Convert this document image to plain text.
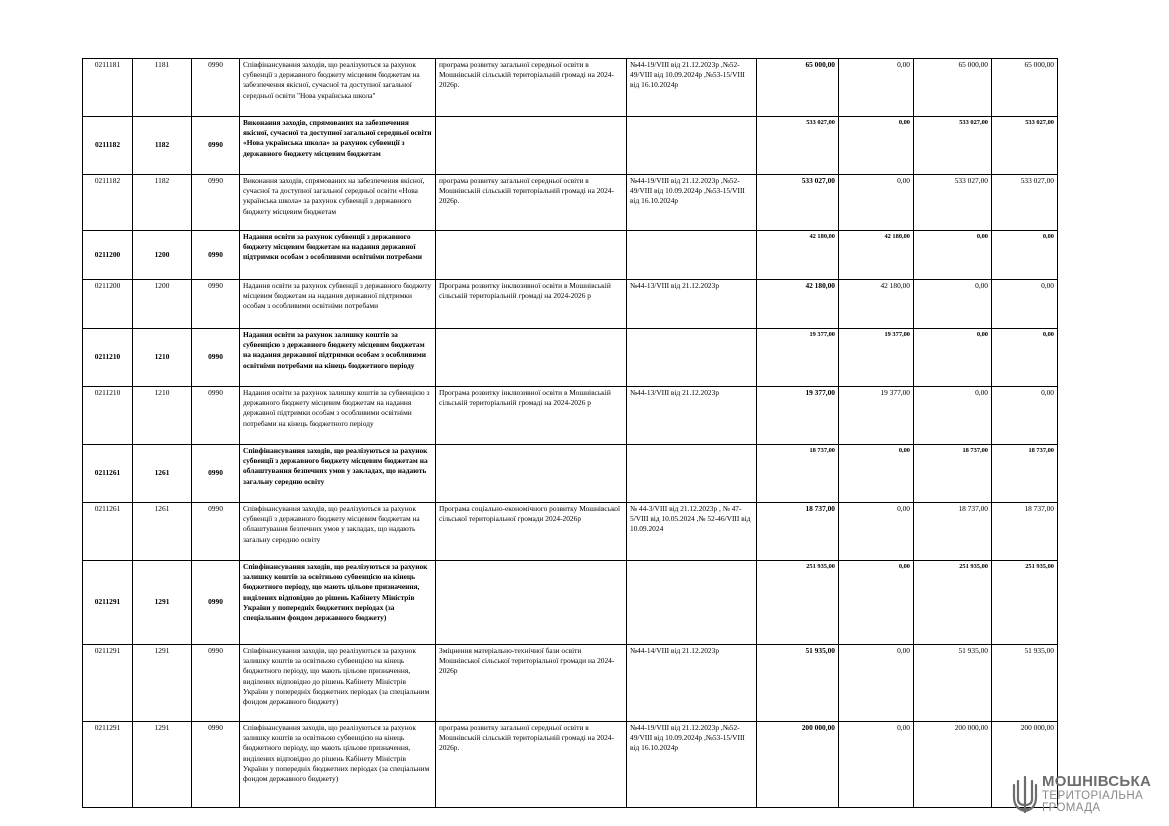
0211181	1181	0990	Співфінансування заходів, що реалізуються за рахунок субвенції з державного бюджету місцевим бюджетам на забезпечення якісної, сучасної та доступної загальної середньої освіти "Нова українська школа"	програма розвитку загальної середньої освіти в Мошнівській сільській територіальній громаді на 2024-2026р.	№44-19/VIII від 21.12.2023р ,№52-49/VIII від 10.09.2024р ,№53-15/VIII від 16.10.2024р	65 000,00	0,00	65 000,00	65 000,00
0211182	1182	0990	Виконання заходів, спрямованих на забезпечення якісної, сучасної та доступної загальної середньої освіти «Нова українська школа» за рахунок субвенції з державного бюджету місцевим бюджетам			533 027,00	0,00	533 027,00	533 027,00
0211182	1182	0990	Виконання заходів, спрямованих на забезпечення якісної, сучасної та доступної загальної середньої освіти «Нова українська школа» за рахунок субвенції з державного бюджету місцевим бюджетам	програма розвитку загальної середньої освіти в Мошнівській сільській територіальній громаді на 2024-2026р.	№44-19/VIII від 21.12.2023р ,№52-49/VIII від 10.09.2024р ,№53-15/VIII від 16.10.2024р	533 027,00	0,00	533 027,00	533 027,00
0211200	1200	0990	Надання освіти за рахунок субвенції з державного бюджету місцевим бюджетам на надання державної підтримки особам з особливими освітніми потребами			42 180,00	42 180,00	0,00	0,00
0211200	1200	0990	Надання освіти за рахунок субвенції з державного бюджету місцевим бюджетам на надання державної підтримки особам з особливими освітніми потребами	Програма розвитку інклюзивної освіти в Мошнівській сільській територіальній громаді на 2024-2026 р	№44-13/VIII від 21.12.2023р	42 180,00	42 180,00	0,00	0,00
0211210	1210	0990	Надання освіти за рахунок залишку коштів за субвенцією з державного бюджету місцевим бюджетам на надання державної підтримки особам з особливими освітніми потребами на кінець бюджетного періоду			19 377,00	19 377,00	0,00	0,00
0211210	1210	0990	Надання освіти за рахунок залишку коштів за субвенцією з державного бюджету місцевим бюджетам на надання державної підтримки особам з особливими освітніми потребами на кінець бюджетного періоду	Програма розвитку інклюзивної освіти в Мошнівській сільській територіальній громаді на 2024-2026 р	№44-13/VIII від 21.12.2023р	19 377,00	19 377,00	0,00	0,00
0211261	1261	0990	Співфінансування заходів, що реалізуються за рахунок субвенції з державного бюджету місцевим бюджетам на облаштування безпечних умов у закладах, що надають загальну середню освіту			18 737,00	0,00	18 737,00	18 737,00
0211261	1261	0990	Співфінансування заходів, що реалізуються за рахунок субвенції з державного бюджету місцевим бюджетам на облаштування безпечних умов у закладах, що надають загальну середню освіту	Програма соціально-економічного розвитку Мошнівської сільської територіальної громади 2024-2026р	№ 44-3/VIII від 21.12.2023р , № 47-5/VIII від 10.05.2024 ,№ 52-46/VIII від 10.09.2024	18 737,00	0,00	18 737,00	18 737,00
0211291	1291	0990	Співфінансування заходів, що реалізуються за рахунок залишку коштів за освітньою субвенцією на кінець бюджетного періоду, що мають цільове призначення, виділених відповідно до рішень Кабінету Міністрів України у попередніх бюджетних періодах (за спеціальним фондом державного бюджету)			251 935,00	0,00	251 935,00	251 935,00
0211291	1291	0990	Співфінансування заходів, що реалізуються за рахунок залишку коштів за освітньою субвенцією на кінець бюджетного періоду, що мають цільове призначення, виділених відповідно до рішень Кабінету Міністрів України у попередніх бюджетних періодах (за спеціальним фондом державного бюджету)	Зміцнення матеріально-технічної бази освіти Мошнівської сільської територіальної громади на 2024-2026р	№44-14/VIII від 21.12.2023р	51 935,00	0,00	51 935,00	51 935,00
0211291	1291	0990	Співфінансування заходів, що реалізуються за рахунок залишку коштів за освітньою субвенцією на кінець бюджетного періоду, що мають цільове призначення, виділених відповідно до рішень Кабінету Міністрів України у попередніх бюджетних періодах (за спеціальним фондом державного бюджету)	програма розвитку загальної середньої освіти в Мошнівській сільській територіальній громаді на 2024-2026р.	№44-19/VIII від 21.12.2023р ,№52-49/VIII від 10.09.2024р ,№53-15/VIII від 16.10.2024р	200 000,00	0,00	200 000,00	200 000,00
МОШНІВСЬКА
ТЕРИТОРІАЛЬНА
ГРОМАДА
